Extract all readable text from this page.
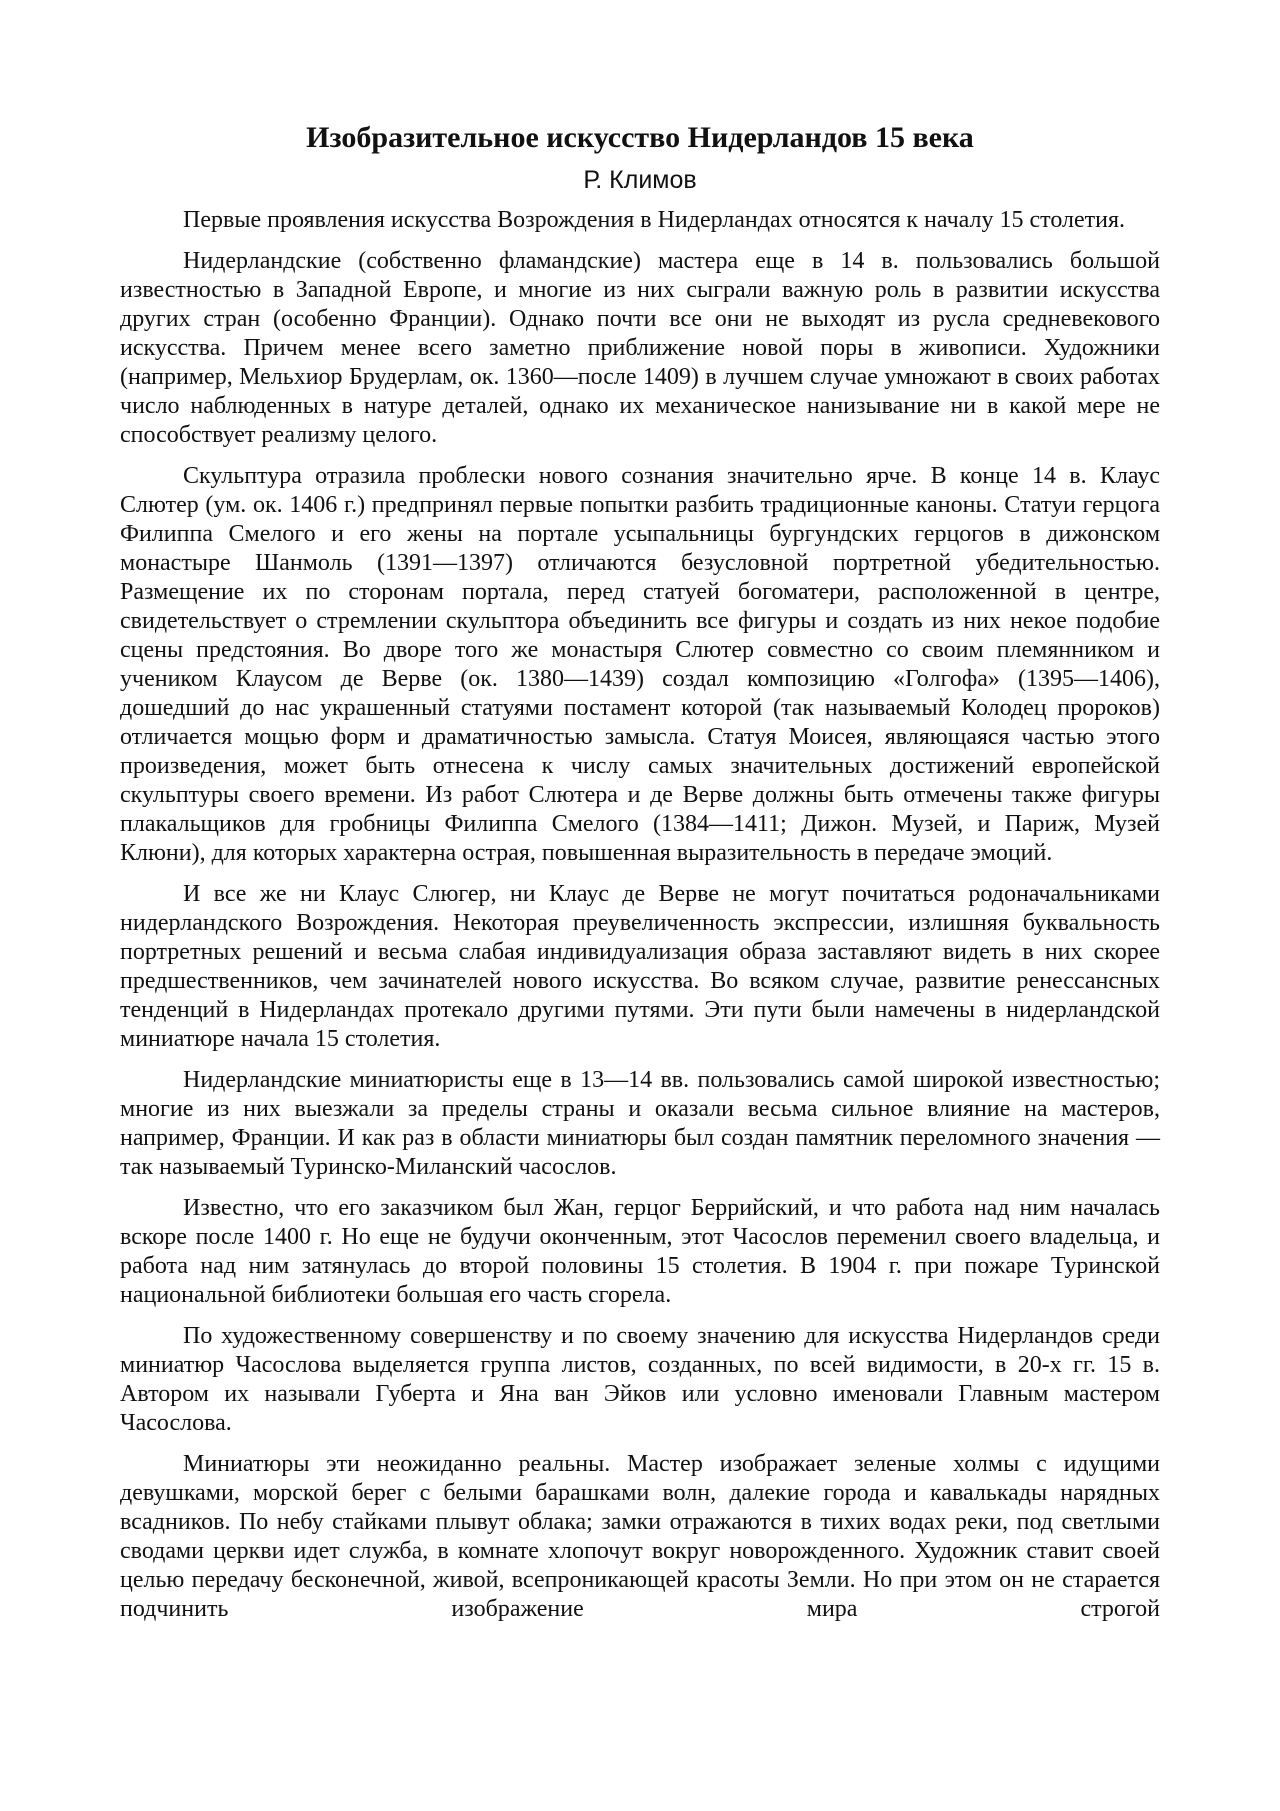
Изобразительное искусство Нидерландов 15 века
Р. Климов

Первые проявления искусства Возрождения в Нидерландах относятся к началу 15 столетия.

Нидерландские (собственно фламандские) мастера еще в 14 в. пользовались большой известностью в Западной Европе, и многие из них сыграли важную роль в развитии искусства других стран (особенно Франции). Однако почти все они не выходят из русла средневекового искусства. Причем менее всего заметно приближение новой поры в живописи. Художники (например, Мельхиор Брудерлам, ок. 1360—после 1409) в лучшем случае умножают в своих работах число наблюденных в натуре деталей, однако их механическое нанизывание ни в какой мере не способствует реализму целого.

Скульптура отразила проблески нового сознания значительно ярче. В конце 14 в. Клаус Слютер (ум. ок. 1406 г.) предпринял первые попытки разбить традиционные каноны. Статуи герцога Филиппа Смелого и его жены на портале усыпальницы бургундских герцогов в дижонском монастыре Шанмоль (1391—1397) отличаются безусловной портретной убедительностью. Размещение их по сторонам портала, перед статуей богоматери, расположенной в центре, свидетельствует о стремлении скульптора объединить все фигуры и создать из них некое подобие сцены предстояния. Во дворе того же монастыря Слютер совместно со своим племянником и учеником Клаусом де Верве (ок. 1380—1439) создал композицию «Голгофа» (1395—1406), дошедший до нас украшенный статуями постамент которой (так называемый Колодец пророков) отличается мощью форм и драматичностью замысла. Статуя Моисея, являющаяся частью этого произведения, может быть отнесена к числу самых значительных достижений европейской скульптуры своего времени. Из работ Слютера и де Верве должны быть отмечены также фигуры плакальщиков для гробницы Филиппа Смелого (1384—1411; Дижон. Музей, и Париж, Музей Клюни), для которых характерна острая, повышенная выразительность в передаче эмоций.

И все же ни Клаус Слюгер, ни Клаус де Верве не могут почитаться родоначальниками нидерландского Возрождения. Некоторая преувеличенность экспрессии, излишняя буквальность портретных решений и весьма слабая индивидуализация образа заставляют видеть в них скорее предшественников, чем зачинателей нового искусства. Во всяком случае, развитие ренессансных тенденций в Нидерландах протекало другими путями. Эти пути были намечены в нидерландской миниатюре начала 15 столетия.

Нидерландские миниатюристы еще в 13—14 вв. пользовались самой широкой известностью; многие из них выезжали за пределы страны и оказали весьма сильное влияние на мастеров, например, Франции. И как раз в области миниатюры был создан памятник переломного значения — так называемый Туринско-Миланский часослов.

Известно, что его заказчиком был Жан, герцог Беррийский, и что работа над ним началась вскоре после 1400 г. Но еще не будучи оконченным, этот Часослов переменил своего владельца, и работа над ним затянулась до второй половины 15 столетия. В 1904 г. при пожаре Туринской национальной библиотеки большая его часть сгорела.

По художественному совершенству и по своему значению для искусства Нидерландов среди миниатюр Часослова выделяется группа листов, созданных, по всей видимости, в 20-х гг. 15 в. Автором их называли Губерта и Яна ван Эйков или условно именовали Главным мастером Часослова.

Миниатюры эти неожиданно реальны. Мастер изображает зеленые холмы с идущими девушками, морской берег с белыми барашками волн, далекие города и кавалькады нарядных всадников. По небу стайками плывут облака; замки отражаются в тихих водах реки, под светлыми сводами церкви идет служба, в комнате хлопочут вокруг новорожденного. Художник ставит своей целью передачу бесконечной, живой, всепроникающей красоты Земли. Но при этом он не старается подчинить изображение мира строгой
